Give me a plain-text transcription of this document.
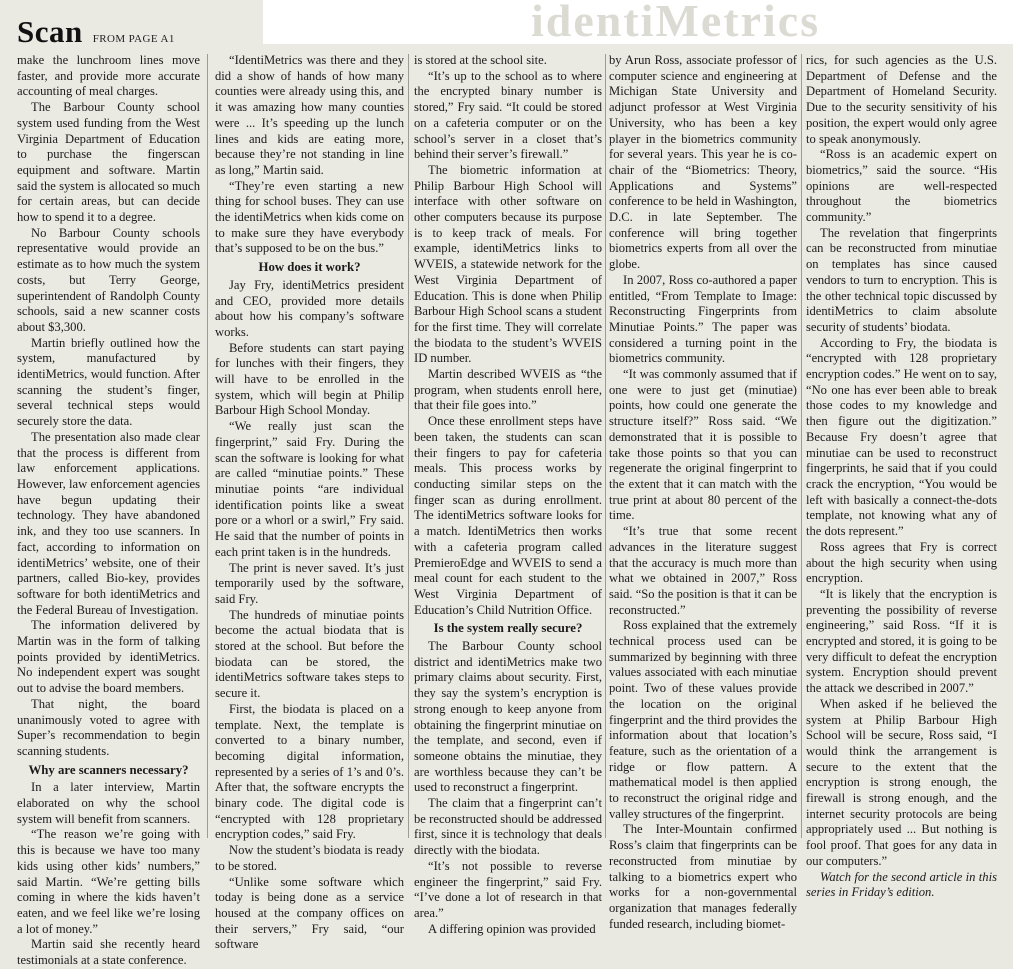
identiMetrics
Scan FROM PAGE A1

make the lunchroom lines move faster, and provide more accurate accounting of meal charges.

The Barbour County school system used funding from the West Virginia Department of Education to purchase the fingerscan equipment and software. Martin said the system is allocated so much for certain areas, but can decide how to spend it to a degree.

No Barbour County schools representative would provide an estimate as to how much the system costs, but Terry George, superintendent of Randolph County schools, said a new scanner costs about $3,300.

Martin briefly outlined how the system, manufactured by identiMetrics, would function. After scanning the student’s finger, several technical steps would securely store the data.

The presentation also made clear that the process is different from law enforcement applications. However, law enforcement agencies have begun updating their technology. They have abandoned ink, and they too use scanners. In fact, according to information on identiMetrics’ website, one of their partners, called Bio-key, provides software for both identiMetrics and the Federal Bureau of Investigation.

The information delivered by Martin was in the form of talking points provided by identiMetrics. No independent expert was sought out to advise the board members.

That night, the board unanimously voted to agree with Super’s recommendation to begin scanning students.

Why are scanners necessary?

In a later interview, Martin elaborated on why the school system will benefit from scanners.

“The reason we’re going with this is because we have too many kids using other kids’ numbers,” said Martin. “We’re getting bills coming in where the kids haven’t eaten, and we feel like we’re losing a lot of money.”

Martin said she recently heard testimonials at a state conference.

“IdentiMetrics was there and they did a show of hands of how many counties were already using this, and it was amazing how many counties were ... It’s speeding up the lunch lines and kids are eating more, because they’re not standing in line as long,” Martin said.

“They’re even starting a new thing for school buses. They can use the identiMetrics when kids come on to make sure they have everybody that’s supposed to be on the bus.”

How does it work?

Jay Fry, identiMetrics president and CEO, provided more details about how his company’s software works.

Before students can start paying for lunches with their fingers, they will have to be enrolled in the system, which will begin at Philip Barbour High School Monday.

“We really just scan the fingerprint,” said Fry. During the scan the software is looking for what are called “minutiae points.” These minutiae points “are individual identification points like a sweat pore or a whorl or a swirl,” Fry said. He said that the number of points in each print taken is in the hundreds.

The print is never saved. It’s just temporarily used by the software, said Fry.

The hundreds of minutiae points become the actual biodata that is stored at the school. But before the biodata can be stored, the identiMetrics software takes steps to secure it.

First, the biodata is placed on a template. Next, the template is converted to a binary number, becoming digital information, represented by a series of 1’s and 0’s. After that, the software encrypts the binary code. The digital code is “encrypted with 128 proprietary encryption codes,” said Fry.

Now the student’s biodata is ready to be stored.

“Unlike some software which today is being done as a service housed at the company offices on their servers,” Fry said, “our software

is stored at the school site.

“It’s up to the school as to where the encrypted binary number is stored,” Fry said. “It could be stored on a cafeteria computer or on the school’s server in a closet that’s behind their server’s firewall.”

The biometric information at Philip Barbour High School will interface with other software on other computers because its purpose is to keep track of meals. For example, identiMetrics links to WVEIS, a statewide network for the West Virginia Department of Education. This is done when Philip Barbour High School scans a student for the first time. They will correlate the biodata to the student’s WVEIS ID number.

Martin described WVEIS as “the program, when students enroll here, that their file goes into.”

Once these enrollment steps have been taken, the students can scan their fingers to pay for cafeteria meals. This process works by conducting similar steps on the finger scan as during enrollment. The identiMetrics software looks for a match. IdentiMetrics then works with a cafeteria program called PremieroEdge and WVEIS to send a meal count for each student to the West Virginia Department of Education’s Child Nutrition Office.

Is the system really secure?

The Barbour County school district and identiMetrics make two primary claims about security. First, they say the system’s encryption is strong enough to keep anyone from obtaining the fingerprint minutiae on the template, and second, even if someone obtains the minutiae, they are worthless because they can’t be used to reconstruct a fingerprint.

The claim that a fingerprint can’t be reconstructed should be addressed first, since it is technology that deals directly with the biodata.

“It’s not possible to reverse engineer the fingerprint,” said Fry. “I’ve done a lot of research in that area.”

A differing opinion was provided

by Arun Ross, associate professor of computer science and engineering at Michigan State University and adjunct professor at West Virginia University, who has been a key player in the biometrics community for several years. This year he is co-chair of the “Biometrics: Theory, Applications and Systems” conference to be held in Washington, D.C. in late September. The conference will bring together biometrics experts from all over the globe.

In 2007, Ross co-authored a paper entitled, “From Template to Image: Reconstructing Fingerprints from Minutiae Points.” The paper was considered a turning point in the biometrics community.

“It was commonly assumed that if one were to just get (minutiae) points, how could one generate the structure itself?” Ross said. “We demonstrated that it is possible to take those points so that you can regenerate the original fingerprint to the extent that it can match with the true print at about 80 percent of the time.

“It’s true that some recent advances in the literature suggest that the accuracy is much more than what we obtained in 2007,” Ross said. “So the position is that it can be reconstructed.”

Ross explained that the extremely technical process used can be summarized by beginning with three values associated with each minutiae point. Two of these values provide the location on the original fingerprint and the third provides the information about that location’s feature, such as the orientation of a ridge or flow pattern. A mathematical model is then applied to reconstruct the original ridge and valley structures of the fingerprint.

The Inter-Mountain confirmed Ross’s claim that fingerprints can be reconstructed from minutiae by talking to a biometrics expert who works for a non-governmental organization that manages federally funded research, including biomet-

rics, for such agencies as the U.S. Department of Defense and the Department of Homeland Security. Due to the security sensitivity of his position, the expert would only agree to speak anonymously.

“Ross is an academic expert on biometrics,” said the source. “His opinions are well-respected throughout the biometrics community.”

The revelation that fingerprints can be reconstructed from minutiae on templates has since caused vendors to turn to encryption. This is the other technical topic discussed by identiMetrics to claim absolute security of students’ biodata.

According to Fry, the biodata is “encrypted with 128 proprietary encryption codes.” He went on to say, “No one has ever been able to break those codes to my knowledge and then figure out the digitization.” Because Fry doesn’t agree that minutiae can be used to reconstruct fingerprints, he said that if you could crack the encryption, “You would be left with basically a connect-the-dots template, not knowing what any of the dots represent.”

Ross agrees that Fry is correct about the high security when using encryption.

“It is likely that the encryption is preventing the possibility of reverse engineering,” said Ross. “If it is encrypted and stored, it is going to be very difficult to defeat the encryption system. Encryption should prevent the attack we described in 2007.”

When asked if he believed the system at Philip Barbour High School will be secure, Ross said, “I would think the arrangement is secure to the extent that the encryption is strong enough, the firewall is strong enough, and the internet security protocols are being appropriately used ... But nothing is fool proof. That goes for any data in our computers.”

Watch for the second article in this series in Friday’s edition.
